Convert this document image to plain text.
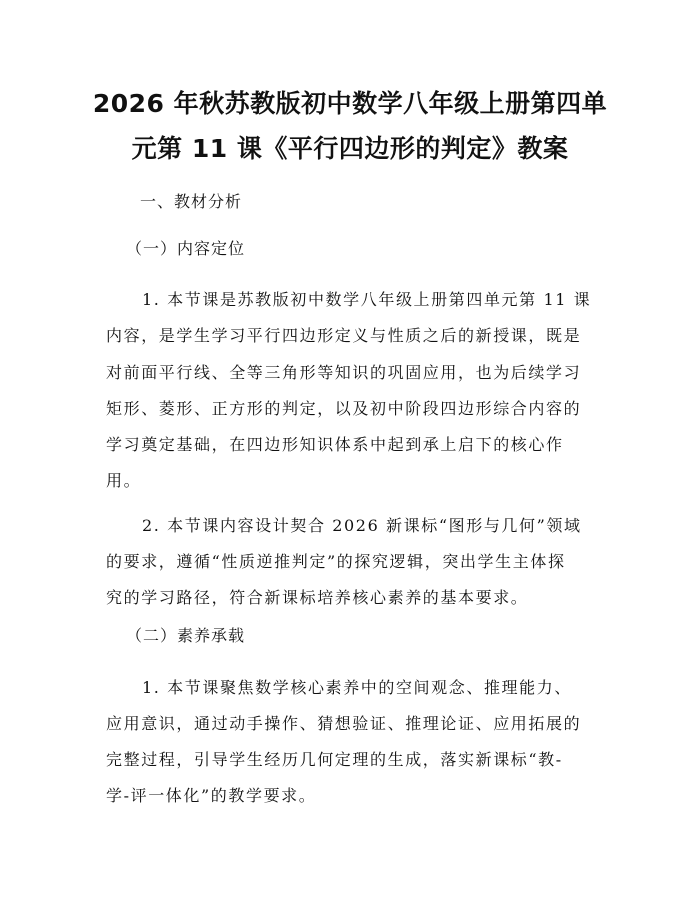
2026 年秋苏教版初中数学八年级上册第四单
元第 11 课《平行四边形的判定》教案
一、教材分析
（一）内容定位
1. 本节课是苏教版初中数学八年级上册第四单元第 11 课
内容，是学生学习平行四边形定义与性质之后的新授课，既是
对前面平行线、全等三角形等知识的巩固应用，也为后续学习
矩形、菱形、正方形的判定，以及初中阶段四边形综合内容的
学习奠定基础，在四边形知识体系中起到承上启下的核心作
用。
2. 本节课内容设计契合 2026 新课标“图形与几何”领域
的要求，遵循“性质逆推判定”的探究逻辑，突出学生主体探
究的学习路径，符合新课标培养核心素养的基本要求。
（二）素养承载
1. 本节课聚焦数学核心素养中的空间观念、推理能力、
应用意识，通过动手操作、猜想验证、推理论证、应用拓展的
完整过程，引导学生经历几何定理的生成，落实新课标“教-
学-评一体化”的教学要求。
